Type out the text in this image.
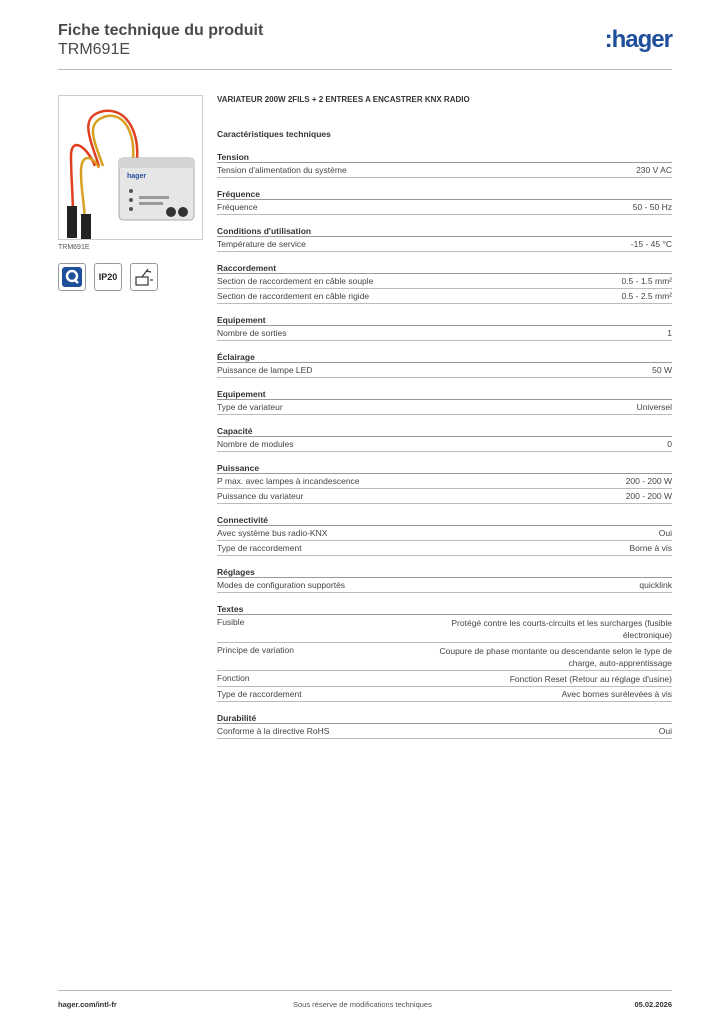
Fiche technique du produit
TRM691E	:hager
hager
TRM691E
IP20
VARIATEUR 200W 2FILS + 2 ENTREES A ENCASTRER KNX RADIO
Caractéristiques techniques
Tension
Tension d'alimentation du système	230 V AC
Fréquence
Fréquence	50 - 50 Hz
Conditions d'utilisation
Température de service	-15 - 45 °C
Raccordement
Section de raccordement en câble souple	0.5 - 1.5 mm²
Section de raccordement en câble rigide	0.5 - 2.5 mm²
Equipement
Nombre de sorties	1
Éclairage
Puissance de lampe LED	50 W
Equipement
Type de variateur	Universel
Capacité
Nombre de modules	0
Puissance
P max. avec lampes à incandescence	200 - 200 W
Puissance du variateur	200 - 200 W
Connectivité
Avec système bus radio-KNX	Oui
Type de raccordement	Borne à vis
Réglages
Modes de configuration supportés	quicklink
Textes
Fusible	Protégé contre les courts-circuits et les surcharges (fusible électronique)
Principe de variation	Coupure de phase montante ou descendante selon le type de charge, auto-apprentissage
Fonction	Fonction Reset (Retour au réglage d'usine)
Type de raccordement	Avec bornes surélevées à vis
Durabilité
Conforme à la directive RoHS	Oui
hager.com/intl-fr	Sous réserve de modifications techniques	05.02.2026
